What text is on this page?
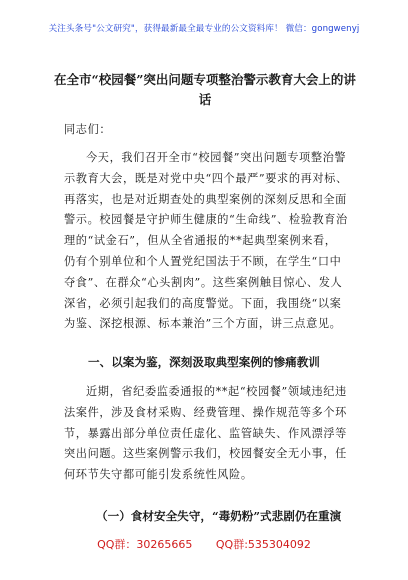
关注头条号"公文研究"，获得最新最全最专业的公文资料库！ 微信：gongwenyj
在全市“校园餐”突出问题专项整治警示教育大会上的讲
话

同志们：

今天，我们召开全市“校园餐”突出问题专项整治警示教育大会，既是对党中央“四个最严”要求的再对标、再落实，也是对近期查处的典型案例的深刻反思和全面警示。校园餐是守护师生健康的“生命线”、检验教育治理的“试金石”，但从全省通报的**起典型案例来看，仍有个别单位和个人置党纪国法于不顾，在学生“口中夺食”、在群众“心头割肉”。这些案例触目惊心、发人深省，必须引起我们的高度警觉。下面，我围绕“以案为鉴、深挖根源、标本兼治”三个方面，讲三点意见。

一、以案为鉴，深刻汲取典型案例的惨痛教训

近期，省纪委监委通报的**起“校园餐”领域违纪违法案件，涉及食材采购、经费管理、操作规范等多个环节，暴露出部分单位责任虚化、监管缺失、作风漂浮等突出问题。这些案例警示我们，校园餐安全无小事，任何环节失守都可能引发系统性风险。

（一）食材安全失守，“毒奶粉”式悲剧仍在重演
QQ群：30265665 QQ群:535304092
